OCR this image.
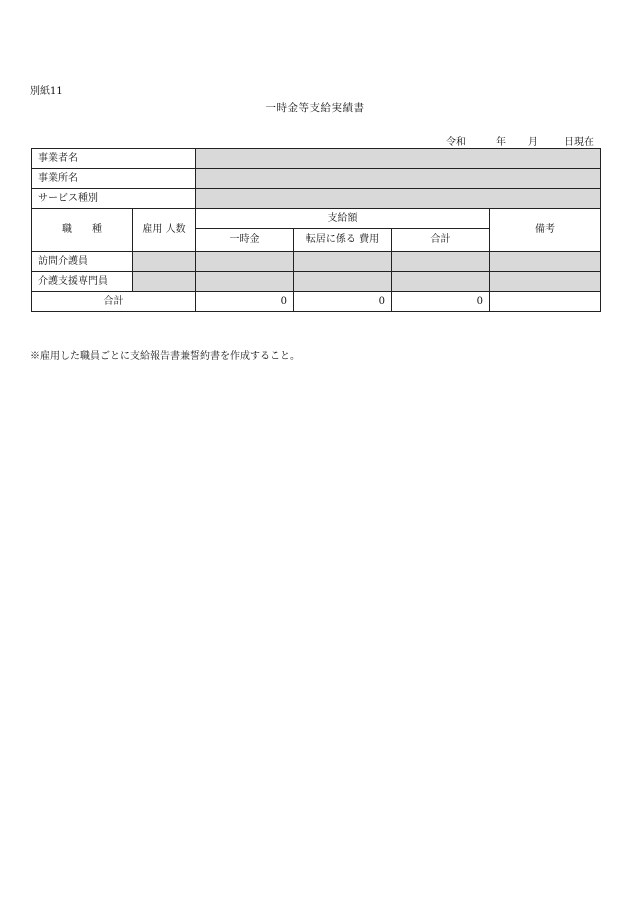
別紙11
一時金等支給実績書
令和	年 月	日現在
事業者名					
事業所名					
サービス種別					
職　　種	雇用 人数	支給額			備考
		一時金	転居に係る 費用	合計	
訪問介護員					
介護支援専門員					
合計		0	0	0	
※雇用した職員ごとに支給報告書兼誓約書を作成すること。
